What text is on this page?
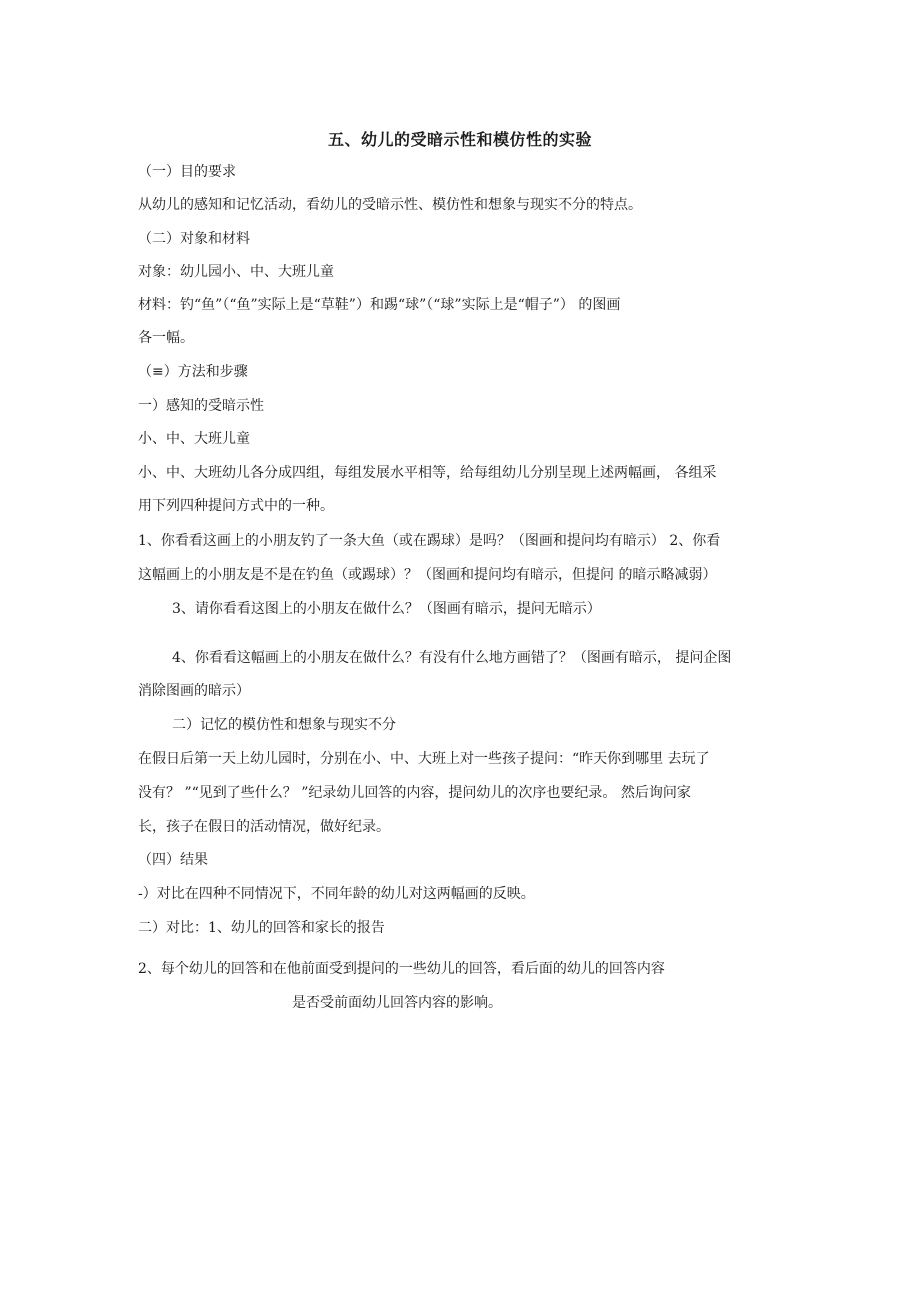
五、幼儿的受暗示性和模仿性的实验
（一）目的要求
从幼儿的感知和记忆活动，看幼儿的受暗示性、模仿性和想象与现实不分的特点。
（二）对象和材料
对象：幼儿园小、中、大班儿童
材料：钓“鱼”（“鱼”实际上是“草鞋”）和踢“球”（“球”实际上是“帽子”） 的图画
各一幅。
（≡）方法和步骤
一）感知的受暗示性
小、中、大班儿童
小、中、大班幼儿各分成四组，每组发展水平相等，给每组幼儿分别呈现上述两幅画， 各组采
用下列四种提问方式中的一种。
1、你看看这画上的小朋友钓了一条大鱼（或在踢球）是吗？（图画和提问均有暗示） 2、你看
这幅画上的小朋友是不是在钓鱼（或踢球）？（图画和提问均有暗示，但提问 的暗示略减弱）
3、请你看看这图上的小朋友在做什么？（图画有暗示，提问无暗示）
4、你看看这幅画上的小朋友在做什么？有没有什么地方画错了？（图画有暗示， 提问企图
消除图画的暗示）
二）记忆的模仿性和想象与现实不分
在假日后第一天上幼儿园时，分别在小、中、大班上对一些孩子提问：“昨天你到哪里 去玩了
没有？ ”“见到了些什么？ ”纪录幼儿回答的内容，提问幼儿的次序也要纪录。 然后询问家
长，孩子在假日的活动情况，做好纪录。
（四）结果
-）对比在四种不同情况下，不同年龄的幼儿对这两幅画的反映。
二）对比：1、幼儿的回答和家长的报告
2、每个幼儿的回答和在他前面受到提问的一些幼儿的回答，看后面的幼儿的回答内容
是否受前面幼儿回答内容的影响。
